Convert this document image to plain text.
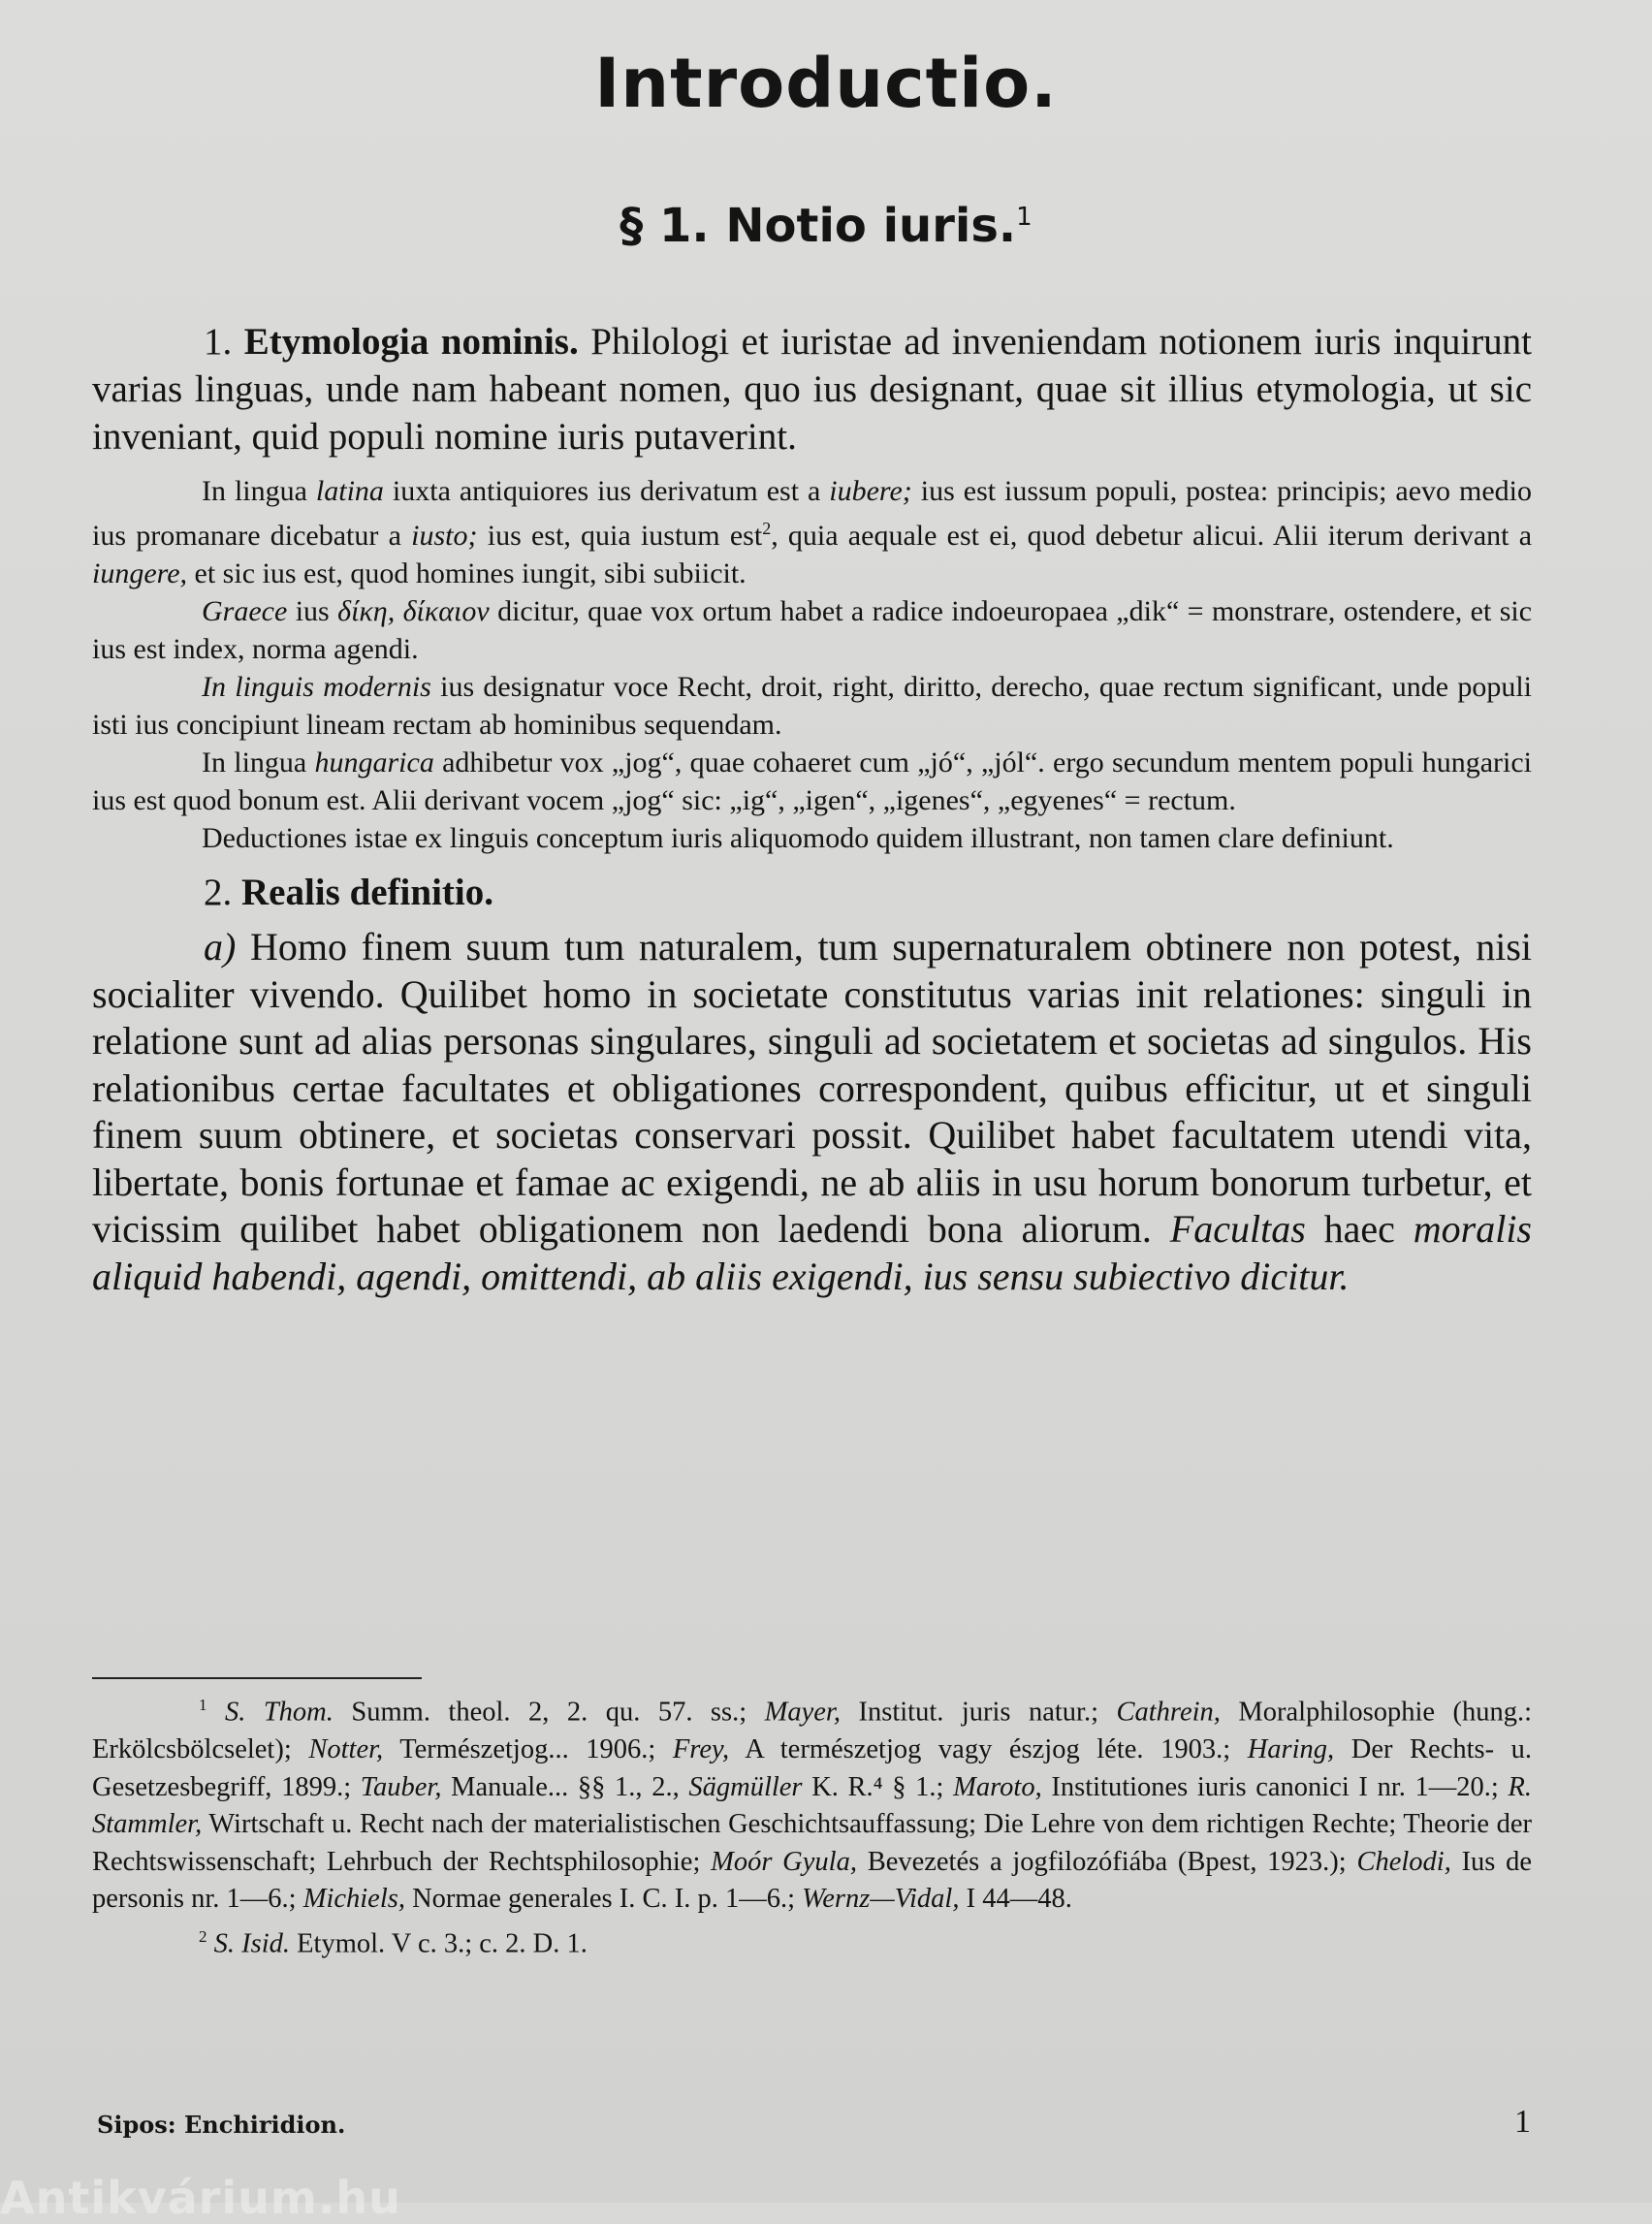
Introductio.
§ 1. Notio iuris.$^1$

1. Etymologia nominis. Philologi et iuristae ad inveniendam notionem iuris inquirunt varias linguas, unde nam habeant nomen, quo ius designant, quae sit illius etymologia, ut sic inveniant, quid populi nomine iuris putaverint.

In lingua latina iuxta antiquiores ius derivatum est a iubere; ius est iussum populi, postea: principis; aevo medio ius promanare dicebatur a iusto; ius est, quia iustum est$^2$, quia aequale est ei, quod debetur alicui. Alii iterum derivant a iungere, et sic ius est, quod homines iungit, sibi subiicit.

Graece ius δίκη, δίκαιον dicitur, quae vox ortum habet a radice indoeuropaea „dik“ = monstrare, ostendere, et sic ius est index, norma agendi.

In linguis modernis ius designatur voce Recht, droit, right, diritto, derecho, quae rectum significant, unde populi isti ius concipiunt lineam rectam ab hominibus sequendam.

In lingua hungarica adhibetur vox „jog“, quae cohaeret cum „jó“, „jól“. ergo secundum mentem populi hungarici ius est quod bonum est. Alii derivant vocem „jog“ sic: „ig“, „igen“, „igenes“, „egyenes“ = rectum.

Deductiones istae ex linguis conceptum iuris aliquomodo quidem illustrant, non tamen clare definiunt.

2. Realis definitio.

a) Homo finem suum tum naturalem, tum supernaturalem obtinere non potest, nisi socialiter vivendo. Quilibet homo in societate constitutus varias init relationes: singuli in relatione sunt ad alias personas singulares, singuli ad societatem et societas ad singulos. His relationibus certae facultates et obligationes correspondent, quibus efficitur, ut et singuli finem suum obtinere, et societas conservari possit. Quilibet habet facultatem utendi vita, libertate, bonis fortunae et famae ac exigendi, ne ab aliis in usu horum bonorum turbetur, et vicissim quilibet habet obligationem non laedendi bona aliorum. Facultas haec moralis aliquid habendi, agendi, omittendi, ab aliis exigendi, ius sensu subiectivo dicitur.

$^1$ S. Thom. Summ. theol. 2, 2. qu. 57. ss.; Mayer, Institut. juris natur.; Cathrein, Moralphilosophie (hung.: Erkölcsbölcselet); Notter, Természetjog... 1906.; Frey, A természetjog vagy észjog léte. 1903.; Haring, Der Rechts- u. Gesetzesbegriff, 1899.; Tauber, Manuale... §§ 1., 2., Sägmüller K. R.⁴ § 1.; Maroto, Institutiones iuris canonici I nr. 1—20.; R. Stammler, Wirtschaft u. Recht nach der materialistischen Geschichtsauffassung; Die Lehre von dem richtigen Rechte; Theorie der Rechtswissenschaft; Lehrbuch der Rechtsphilosophie; Moór Gyula, Bevezetés a jogfilozófiába (Bpest, 1923.); Chelodi, Ius de personis nr. 1—6.; Michiels, Normae generales I. C. I. p. 1—6.; Wernz—Vidal, I 44—48.

$^2$ S. Isid. Etymol. V c. 3.; c. 2. D. 1.

Sipos: Enchiridion.	1
Antikvárium.hu
